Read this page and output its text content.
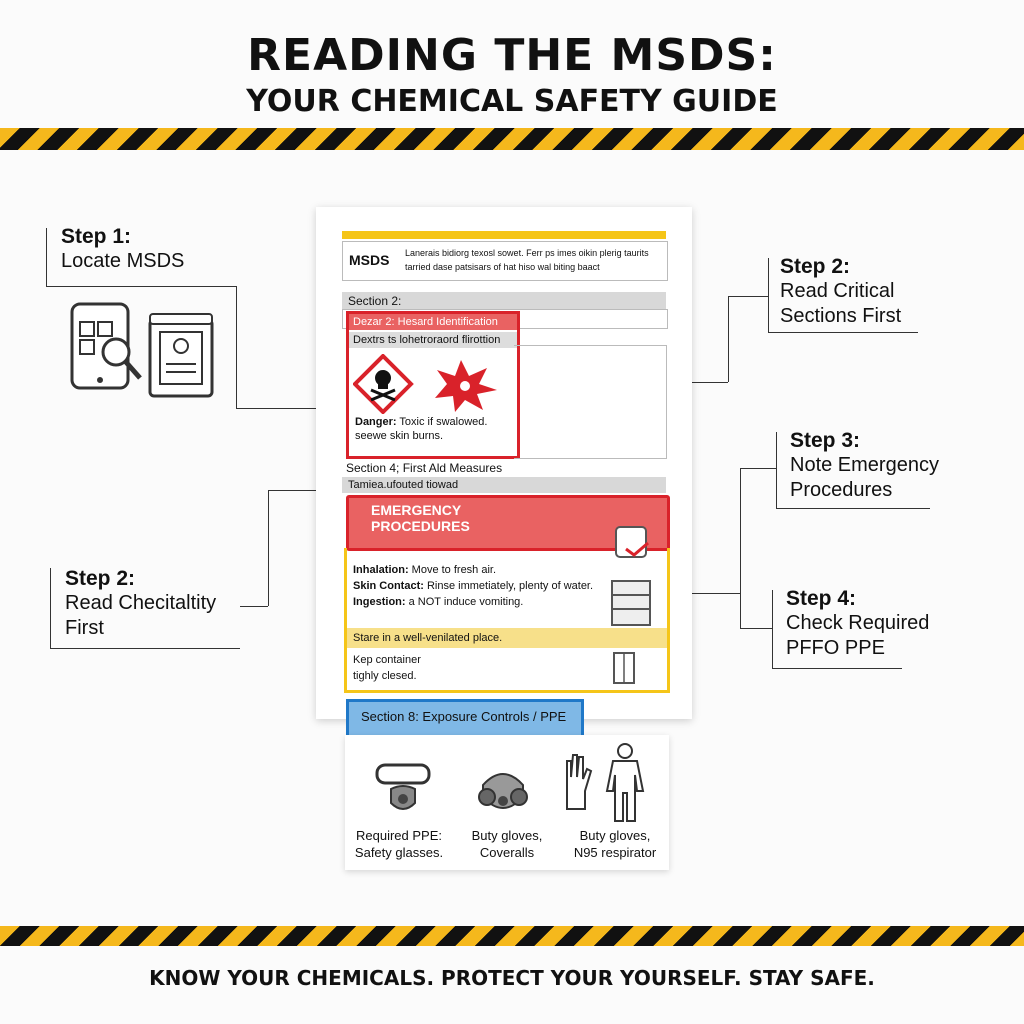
READING THE MSDS:
YOUR CHEMICAL SAFETY GUIDE
Step 1:
Locate MSDS	Step 2:
Read Critical
Sections First
Step 2:
Read Checitaltity
First
Step 3:
Note Emergency
Procedures
Step 4:
Check Required
PFFO PPE
MSDS Lanerais bidiorg texosl sowet. Ferr ps imes oikin plerig taurits
tarried dase patsisars of hat hiso wal biting baact
Section 2:
Dezar 2: Hesard Identification
Dextrs ts lohetroraord flirottion
Danger: Toxic if swalowed.
seewe skin burns.
Section 4; First Ald Measures
Tamiea.ufouted tiowad
EMERGENCY
PROCEDURES
Inhalation: Move to fresh air.
Skin Contact: Rinse immetiately, plenty of water.
Ingestion: a NOT induce vomiting.
Stare in a well-venilated place.
Kep container
tighly clesed.
Section 8: Exposure Controls / PPE
Required PPE:
Safety glasses.
Buty gloves,
Coveralls
Buty gloves,
N95 respirator
KNOW YOUR CHEMICALS. PROTECT YOUR YOURSELF. STAY SAFE.
